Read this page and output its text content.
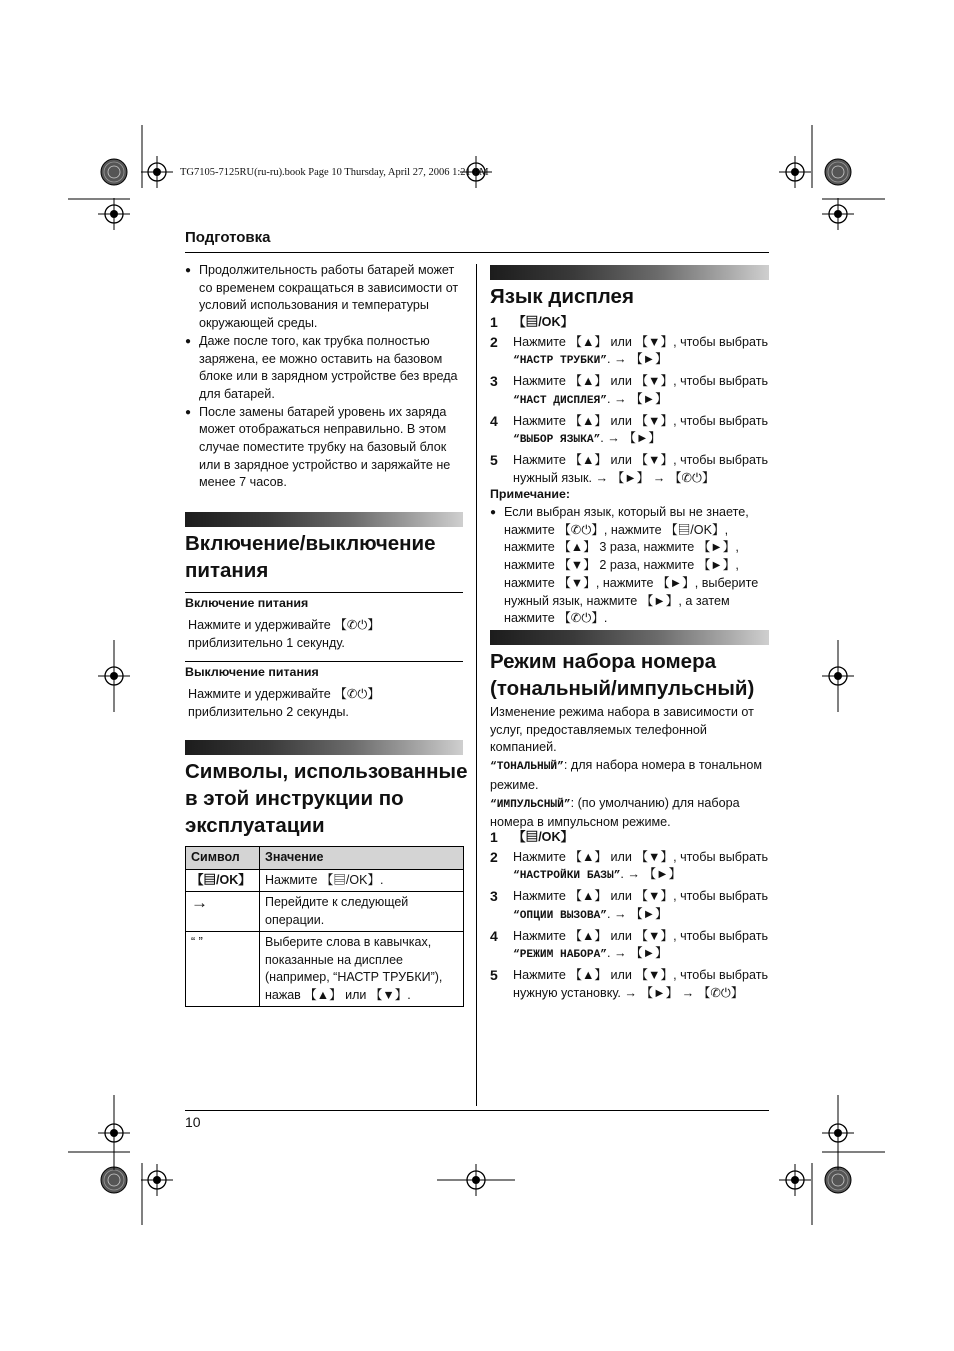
TG7105-7125RU(ru-ru).book Page 10 Thursday, April 27, 2006 1:21 PM
Подготовка
● Продолжительность работы батарей может со временем сокращаться в зависимости от условий использования и температуры окружающей среды.
● Даже после того, как трубка полностью заряжена, ее можно оставить на базовом блоке или в зарядном устройстве без вреда для батарей.
● После замены батарей уровень их заряда может отображаться неправильно. В этом случае поместите трубку на базовый блок или в зарядное устройство и заряжайте не менее 7 часов.
Включение/выключение питания
Включение питания
Нажмите и удерживайте 【✆⏻】 приблизительно 1 секунду.
Выключение питания
Нажмите и удерживайте 【✆⏻】 приблизительно 2 секунды.
Символы, использованные в этой инструкции по эксплуатации
Символ	Значение
【▤/OK】	Нажмите 【▤/OK】.
→	Перейдите к следующей операции.
“ ”	Выберите слова в кавычках, показанные на дисплее (например, “НАСТР ТРУБКИ”), нажав 【▲】 или 【▼】.
Язык дисплея
1	【▤/OK】
2	Нажмите 【▲】 или 【▼】, чтобы выбрать “НАСТР ТРУБКИ”. → 【►】
3	Нажмите 【▲】 или 【▼】, чтобы выбрать “НАСТ ДИСПЛЕЯ”. → 【►】
4	Нажмите 【▲】 или 【▼】, чтобы выбрать “ВЫБОР ЯЗЫКА”. → 【►】
5	Нажмите 【▲】 или 【▼】, чтобы выбрать нужный язык. → 【►】 → 【✆⏻】
Примечание:
● Если выбран язык, который вы не знаете, нажмите 【✆⏻】, нажмите 【▤/OK】, нажмите 【▲】 3 раза, нажмите 【►】, нажмите 【▼】 2 раза, нажмите 【►】, нажмите 【▼】, нажмите 【►】, выберите нужный язык, нажмите 【►】, а затем нажмите 【✆⏻】.
Режим набора номера (тональный/импульсный)
Изменение режима набора в зависимости от услуг, предоставляемых телефонной компанией.
“ТОНАЛЬНЫЙ”: для набора номера в тональном режиме.
“ИМПУЛЬСНЫЙ”: (по умолчанию) для набора номера в импульсном режиме.
1	【▤/OK】
2	Нажмите 【▲】 или 【▼】, чтобы выбрать “НАСТРОЙКИ БАЗЫ”. → 【►】
3	Нажмите 【▲】 или 【▼】, чтобы выбрать “ОПЦИИ ВЫЗОВА”. → 【►】
4	Нажмите 【▲】 или 【▼】, чтобы выбрать “РЕЖИМ НАБОРА”. → 【►】
5	Нажмите 【▲】 или 【▼】, чтобы выбрать нужную установку. → 【►】 → 【✆⏻】
10
